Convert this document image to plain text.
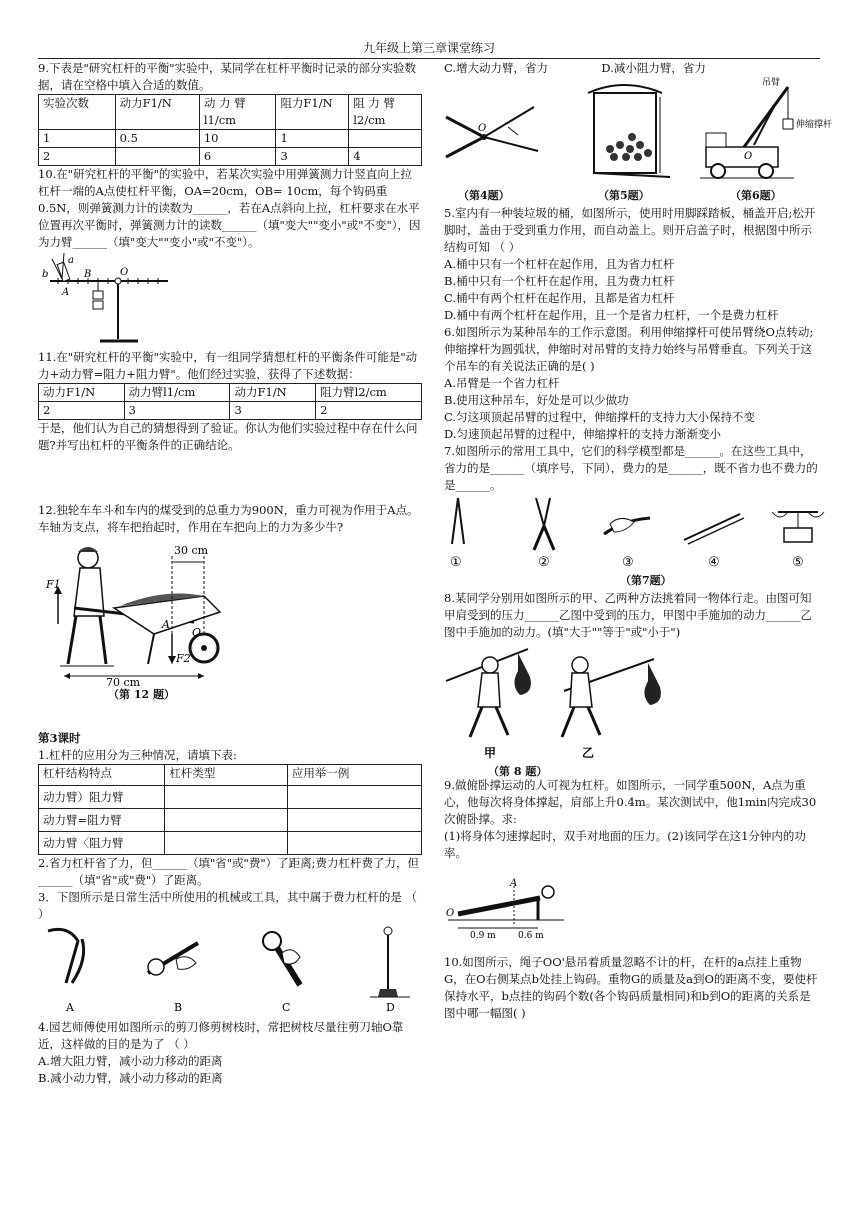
九年级上第三章课堂练习

9.下表是"研究杠杆的平衡"实验中，某同学在杠杆平衡时记录的部分实验数据，请在空格中填入合适的数值。

实验次数	动力F1/N	动 力 臂 l1/cm	阻力F1/N	阻 力 臂 l2/cm
1	0.5	10	1	
2		6	3	4

10.在"研究杠杆的平衡"的实验中，若某次实验中用弹簧测力计竖直向上拉杠杆一端的A点使杠杆平衡，OA=20cm，OB= 10cm，每个钩码重0.5N，则弹簧测力计的读数为______，若在A点斜向上拉，杠杆要求在水平位置再次平衡时，弹簧测力计的读数______（填"变大""变小"或"不变"），因为力臂______（填"变大""变小"或"不变"）。

b
a
B	O
A

11.在"研究杠杆的平衡"实验中，有一组同学猜想杠杆的平衡条件可能是"动力+动力臂=阻力+阻力臂"。他们经过实验，获得了下述数据：

动力F1/N	动力臂l1/cm	动力F1/N	阻力臂l2/cm
2	3	3	2

于是，他们认为自己的猜想得到了验证。你认为他们实验过程中存在什么问题?并写出杠杆的平衡条件的正确结论。

12.独轮车车斗和车内的煤受到的总重力为900N，重力可视为作用于A点。车轴为支点，将车把抬起时，作用在车把向上的力为多少牛?

30 cm
70 cm
F1
F2
A
O
（第 12 题）

第3课时

1.杠杆的应用分为三种情况，请填下表:

杠杆结构特点	杠杆类型	应用举一例
动力臂）阻力臂		
动力臂=阻力臂		
动力臂〈阻力臂		

2.省力杠杆省了力，但______（填"省"或"费"）了距离;费力杠杆费了力，但______（填"省"或"费"）了距离。

3．下图所示是日常生活中所使用的机械或工具，其中属于费力杠杆的是 （ ）

A	B	C	D

4.园艺师傅使用如图所示的剪刀修剪树枝时，常把树枝尽量往剪刀轴O靠近，这样做的目的是为了 （ ）

A.增大阻力臂，减小动力移动的距离

B.减小动力臂，减小动力移动的距离

C.增大动力臂，省力	D.减小阻力臂，省力

O
O
吊臂
伸缩撑杆
（第4题）	（第5题）	（第6题）

5.室内有一种装垃圾的桶，如图所示，使用时用脚踩踏板，桶盖开启;松开脚时，盖由于受到重力作用，而自动盖上。则开启盖子时，根据图中所示结构可知 （ ）

A.桶中只有一个杠杆在起作用，且为省力杠杆

B.桶中只有一个杠杆在起作用，且为费力杠杆

C.桶中有两个杠杆在起作用，且都是省力杠杆

D.桶中有两个杠杆在起作用，且一个是省力杠杆，一个是费力杠杆

6.如图所示为某种吊车的工作示意图。利用伸缩撑杆可使吊臂绕O点转动;伸缩撑杆为圆弧状，伸缩时对吊臂的支持力始终与吊臂垂直。下列关于这个吊车的有关说法正确的是( )

A.吊臂是一个省力杠杆

B.使用这种吊车，好处是可以少做功

C.匀这项顶起吊臂的过程中，伸缩撑杆的支持力大小保持不变

D.匀速顶起吊臂的过程中，伸缩撑杆的支持力渐渐变小

7.如图所示的常用工具中，它们的科学模型都是______。在这些工具中，省力的是______（填序号，下同），费力的是______，既不省力也不费力的是______。

①	②	③	④	⑤
（第7题）

8.某同学分别用如图所示的甲、乙两种方法挑着同一物体行走。由图可知甲肩受到的压力______乙图中受到的压力，甲图中手施加的动力______乙图中手施加的动力。(填"大于""等于"或"小于")

甲	乙
（第 8 题）

9.做俯卧撑运动的人可视为杠杆。如图所示，一同学重500N，A点为重心，他每次将身体撑起，肩部上升0.4m。某次测试中，他1min内完成30次俯卧撑。求:

(1)将身体匀速撑起时，双手对地面的压力。(2)该同学在这1分钟内的功率。

O
A
0.9 m 0.6 m

10.如图所示，绳子OO'悬吊着质量忽略不计的杆，在杆的a点挂上重物G，在O右侧某点b处挂上钩码。重物G的质量及a到O的距离不变，要使杆保持水平，b点挂的钩码个数(各个钩码质量相同)和b到O的距离的关系是图中哪一幅图( )
